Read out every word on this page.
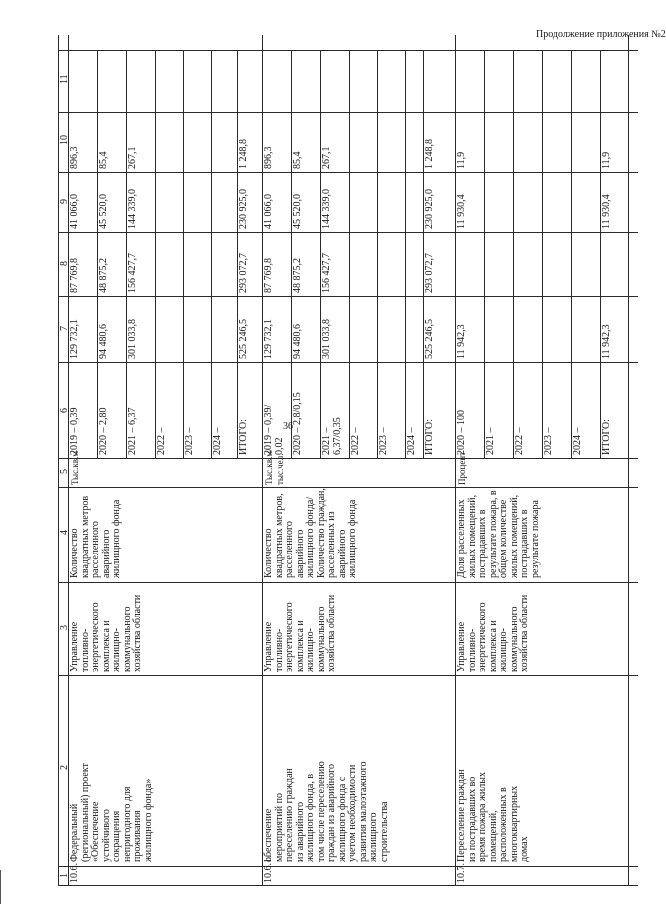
1
2
3
4
5
6
7
8
9
10
11
10.6.
Федеральный (региональный) проект «Обеспечение устойчивого сокращения непригодного для проживания жилищного фонда»
Управление топливно- энергетического комплекса и жилищно- коммунального хозяйства области
Количество квадратных метров расселенного аварийного жилищного фонда
Тыс.кв.м
2019 – 0,39
129 732,1
87 769,8
41 066,0
896,3
2020 – 2,80
94 480,6
48 875,2
45 520,0
85,4
2021 – 6,37
301 033,8
156 427,7
144 339,0
267,1
2022 – 2023 – 2024 – ИТОГО:
525 246,5
293 072,7
230 925,0
1 248,8
10.6.1.
обеспечение мероприятий по переселению граждан из аварийного жилищного фонда, в том числе переселению граждан из аварийного жилищного фонда с учетом необходимости развития малоэтажного жилищного строительства
Управление топливно- энергетического комплекса и жилищно- коммунального хозяйства области
Количество квадратных метров, расселенного аварийного жилищного фонда/ Количество граждан, расселенных из аварийного жилищного фонда
Тыс.кв.м/ тыс.чел.
2019 – 0,39/ 0,02
129 732,1
87 769,8
41 066,0
896,3
2020 – 2,8/0,15
94 480,6
48 875,2
45 520,0
85,4
2021 – 6,37/0,35
301 033,8
156 427,7
144 339,0
267,1
2022 – 2023 – 2024 – ИТОГО:
525 246,5
293 072,7
230 925,0
1 248,8
10.7.
Переселение граждан из пострадавших во время пожара жилых помещений, расположенных в многоквартирных домах
Управление топливно- энергетического комплекса и жилищно- коммунального хозяйства области
Доля расселенных жилых помещений, пострадавших в результате пожара, в общем количестве жилых помещений, пострадавших в результате пожара
Процент
2020 – 100
11 942,3
11 930,4
11,9
2021 – 2022 – 2023 – 2024 – ИТОГО:
11 942,3
11 930,4
11,9
36
Продолжение приложения №2
